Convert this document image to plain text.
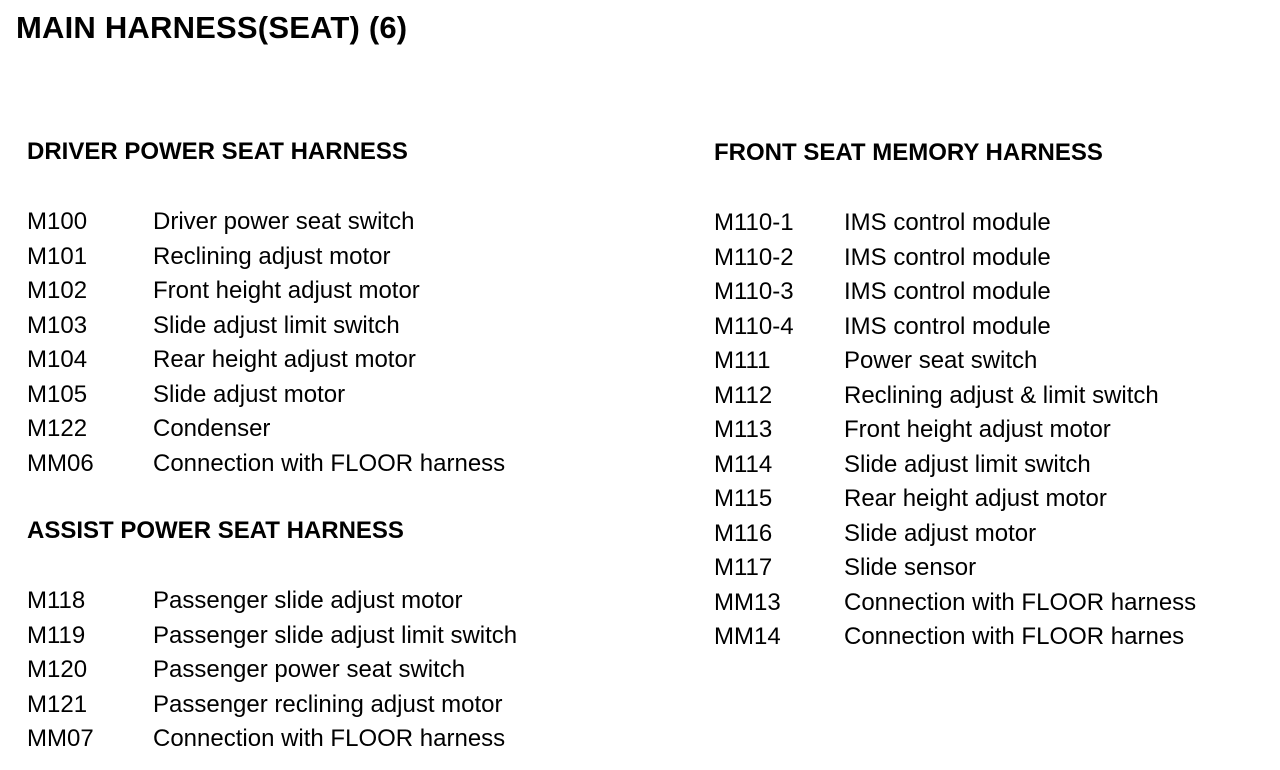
MAIN HARNESS(SEAT) (6)
DRIVER POWER SEAT HARNESS
M100	Driver power seat switch
M101	Reclining adjust motor
M102	Front height adjust motor
M103	Slide adjust limit switch
M104	Rear height adjust motor
M105	Slide adjust motor
M122	Condenser
MM06 Connection with FLOOR harness
ASSIST POWER SEAT HARNESS
M118	Passenger slide adjust motor
M119	Passenger slide adjust limit switch
M120	Passenger power seat switch
M121	Passenger reclining adjust motor
MM07 Connection with FLOOR harness
FRONT SEAT MEMORY HARNESS
M110-1 IMS control module
M110-2 IMS control module
M110-3 IMS control module
M110-4 IMS control module
M111	Power seat switch
M112	Reclining adjust & limit switch
M113	Front height adjust motor
M114	Slide adjust limit switch
M115	Rear height adjust motor
M116	Slide adjust motor
M117	Slide sensor
MM13	Connection with FLOOR harness
MM14	Connection with FLOOR harnes
